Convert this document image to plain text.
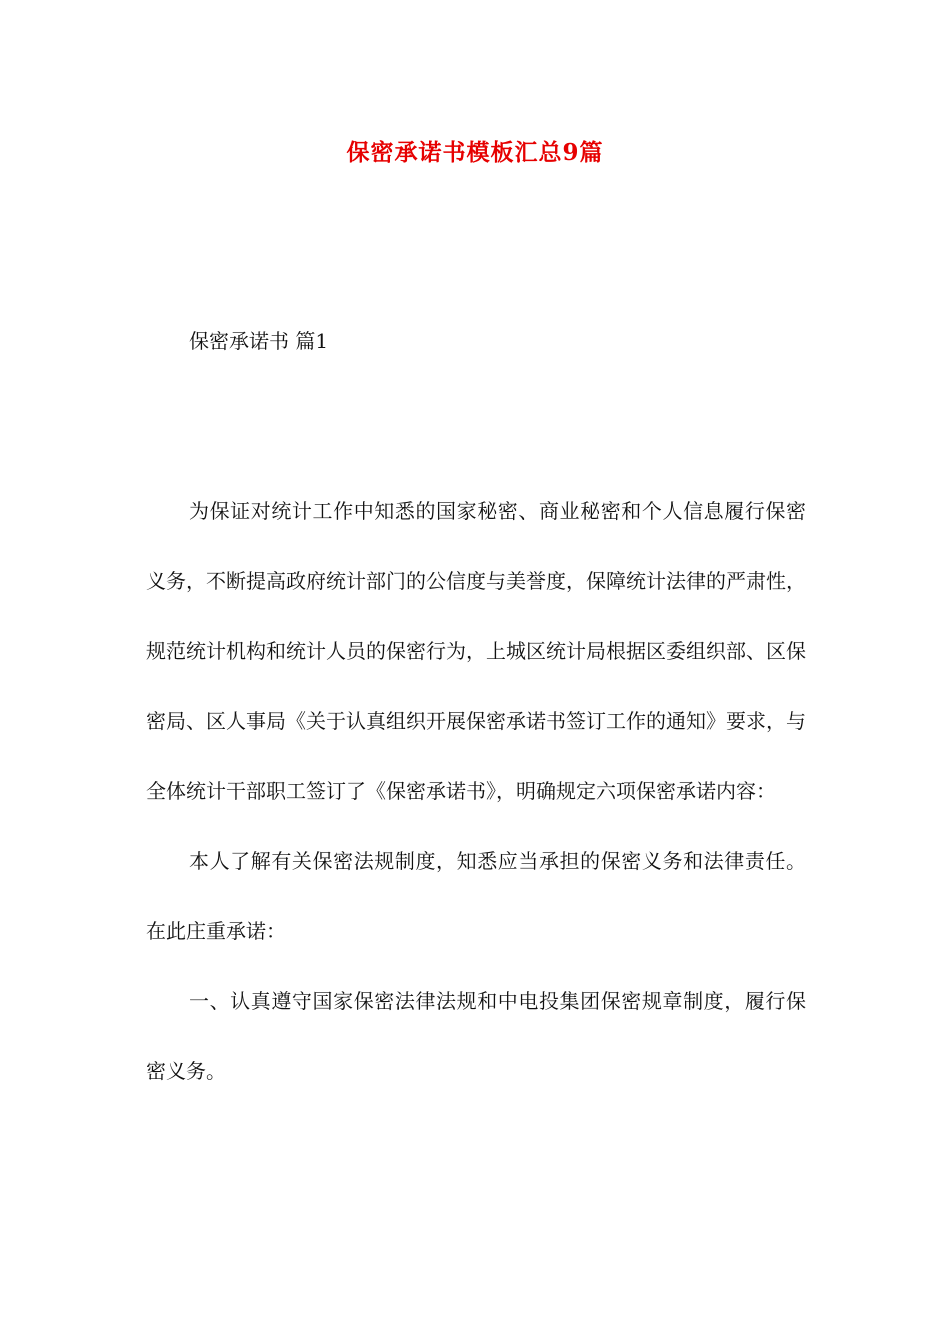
保密承诺书模板汇总9篇
保密承诺书 篇1

为保证对统计工作中知悉的国家秘密、商业秘密和个人信息履行保密义务，不断提高政府统计部门的公信度与美誉度，保障统计法律的严肃性，规范统计机构和统计人员的保密行为，上城区统计局根据区委组织部、区保密局、区人事局《关于认真组织开展保密承诺书签订工作的通知》要求，与全体统计干部职工签订了《保密承诺书》，明确规定六项保密承诺内容：

本人了解有关保密法规制度，知悉应当承担的保密义务和法律责任。在此庄重承诺：

一、认真遵守国家保密法律法规和中电投集团保密规章制度，履行保密义务。
